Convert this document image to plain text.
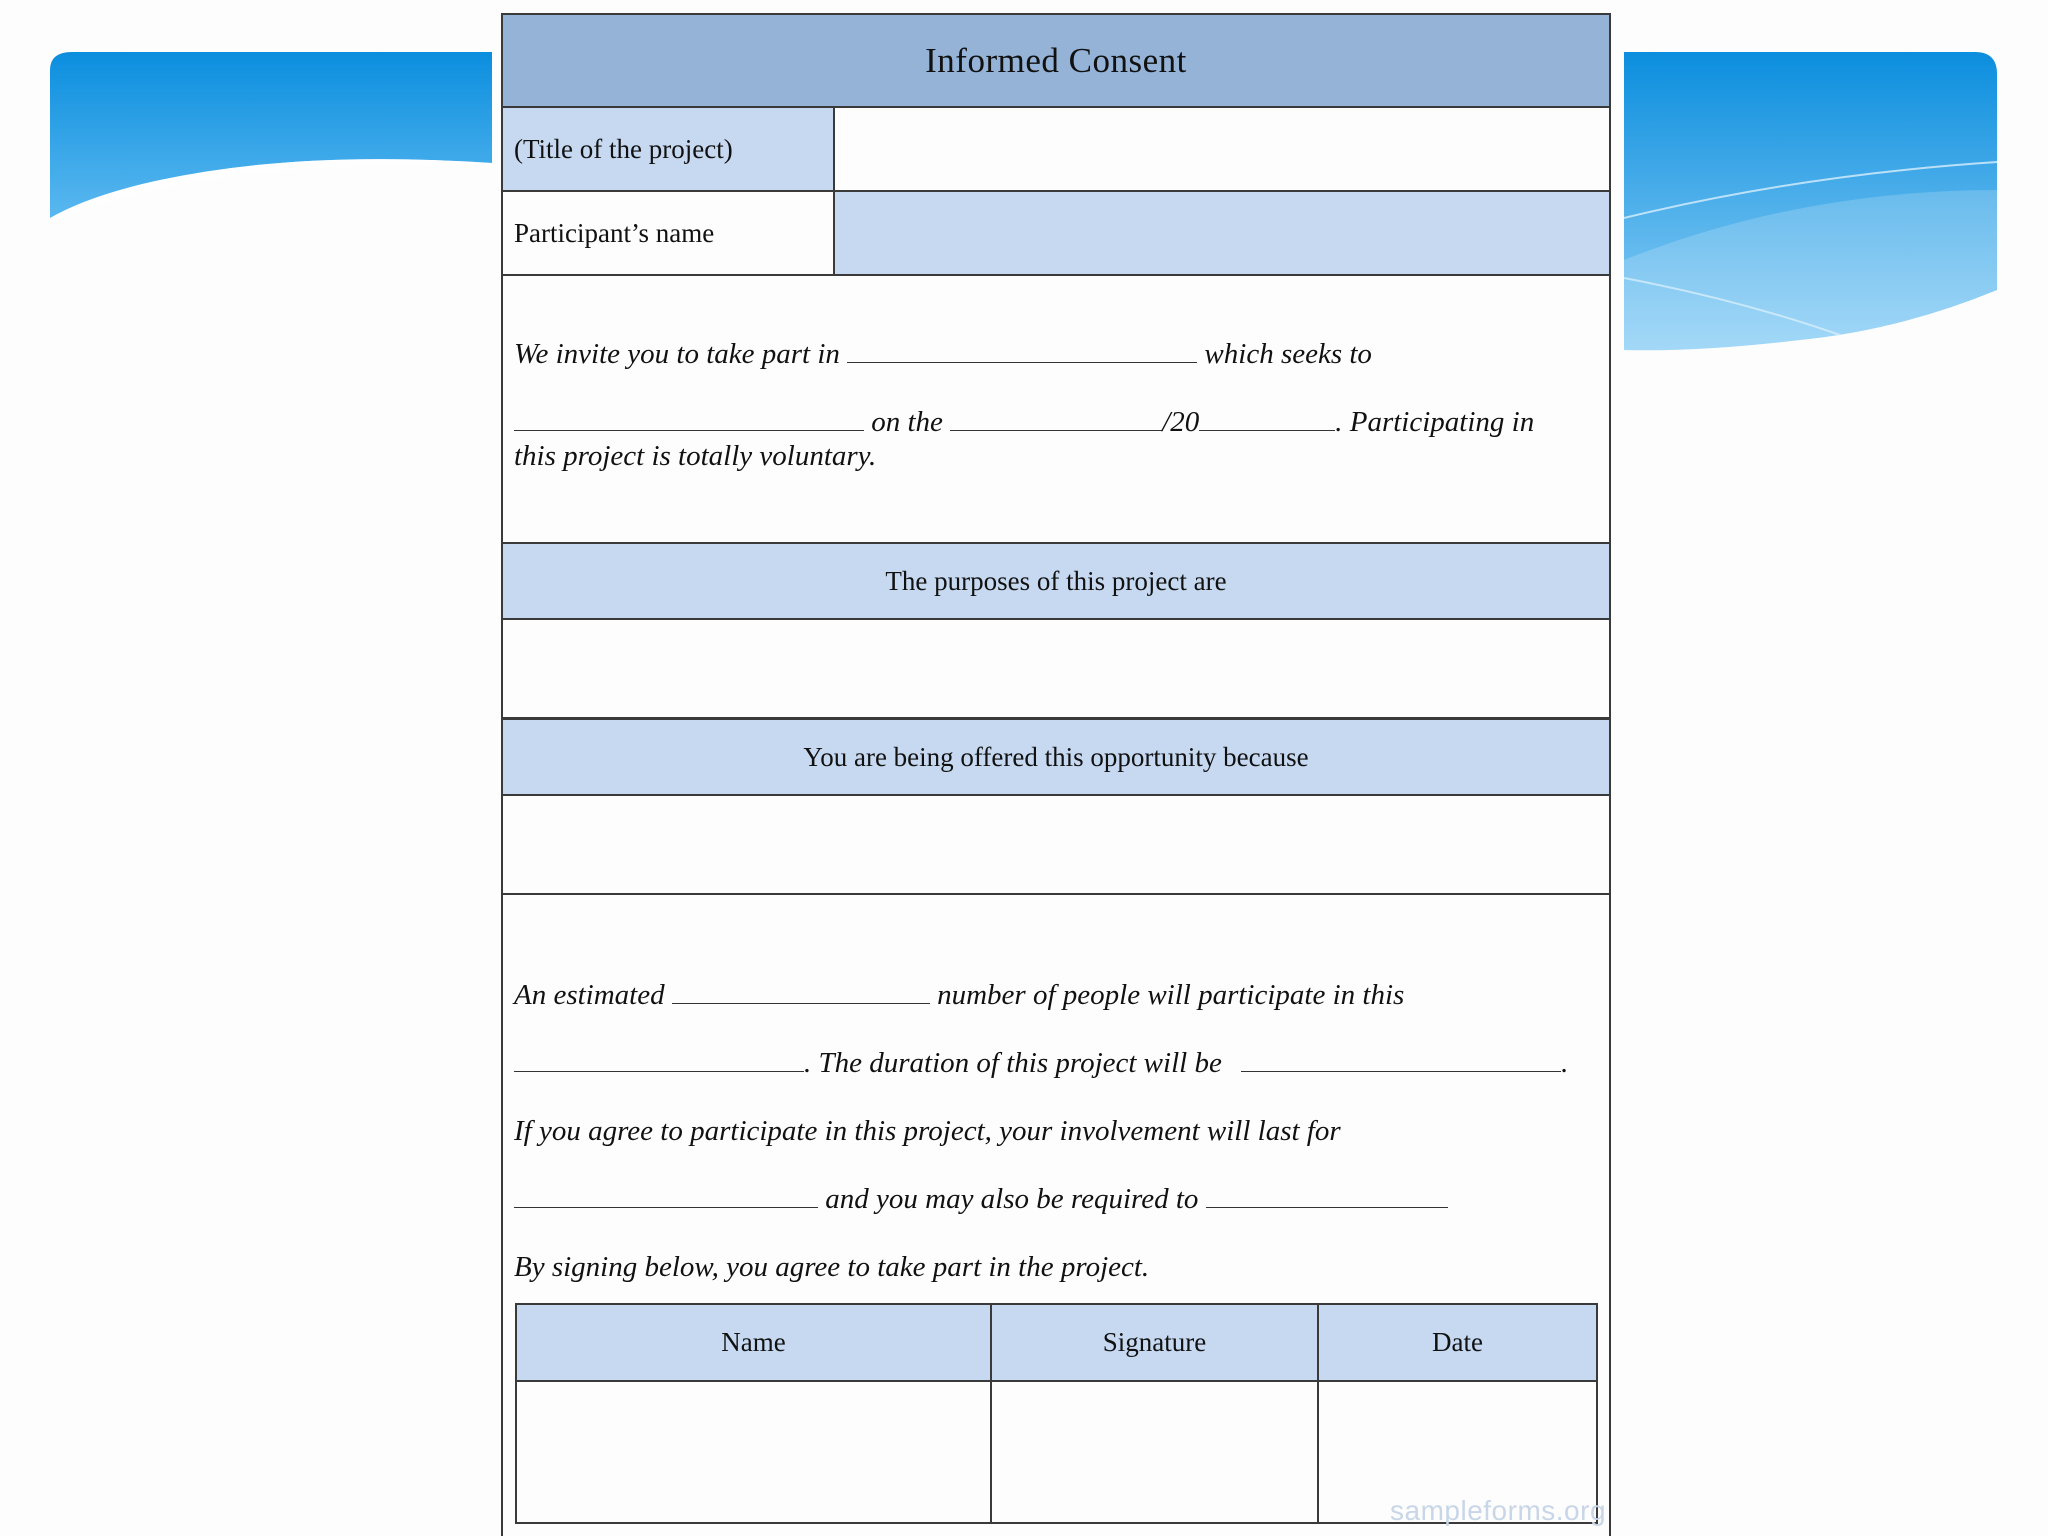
Informed Consent
(Title of the project)
Participant’s name
We invite you to take part in	which seeks to
on the	/20	. Participating in
this project is totally voluntary.
The purposes of this project are
You are being offered this opportunity because
An estimated	number of people will participate in this
. The duration of this project will be	.
If you agree to participate in this project, your involvement will last for
and you may also be required to
By signing below, you agree to take part in the project.
Name	Signature	Date
sampleforms.org
